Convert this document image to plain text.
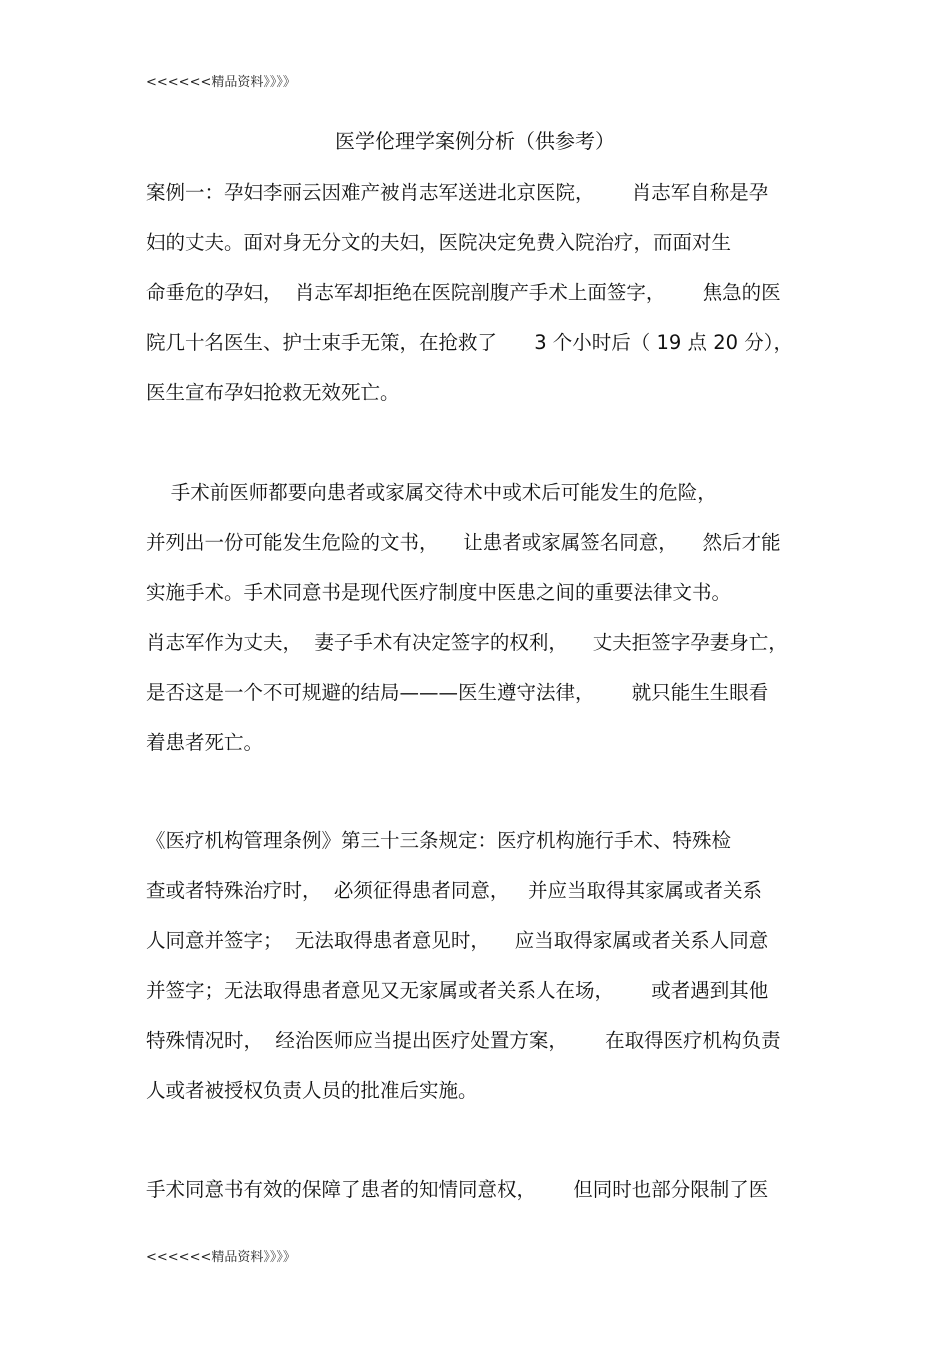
<<<<<<精品资料》》》》
医学伦理学案例分析（供参考）
案例一：孕妇李丽云因难产被肖志军送进北京医院，      肖志军自称是孕
妇的丈夫。面对身无分文的夫妇，医院决定免费入院治疗，而面对生
命垂危的孕妇，  肖志军却拒绝在医院剖腹产手术上面签字，      焦急的医
院几十名医生、护士束手无策，在抢救了      3 个小时后（ 19 点 20 分），
医生宣布孕妇抢救无效死亡。
手术前医师都要向患者或家属交待术中或术后可能发生的危险，
并列出一份可能发生危险的文书，    让患者或家属签名同意，    然后才能
实施手术。手术同意书是现代医疗制度中医患之间的重要法律文书。
肖志军作为丈夫，  妻子手术有决定签字的权利，    丈夫拒签字孕妻身亡，
是否这是一个不可规避的结局———医生遵守法律，      就只能生生眼看
着患者死亡。
《医疗机构管理条例》第三十三条规定：医疗机构施行手术、特殊检
查或者特殊治疗时，  必须征得患者同意，   并应当取得其家属或者关系
人同意并签字；  无法取得患者意见时，    应当取得家属或者关系人同意
并签字；无法取得患者意见又无家属或者关系人在场，      或者遇到其他
特殊情况时，  经治医师应当提出医疗处置方案，      在取得医疗机构负责
人或者被授权负责人员的批准后实施。
手术同意书有效的保障了患者的知情同意权，      但同时也部分限制了医
<<<<<<精品资料》》》》
